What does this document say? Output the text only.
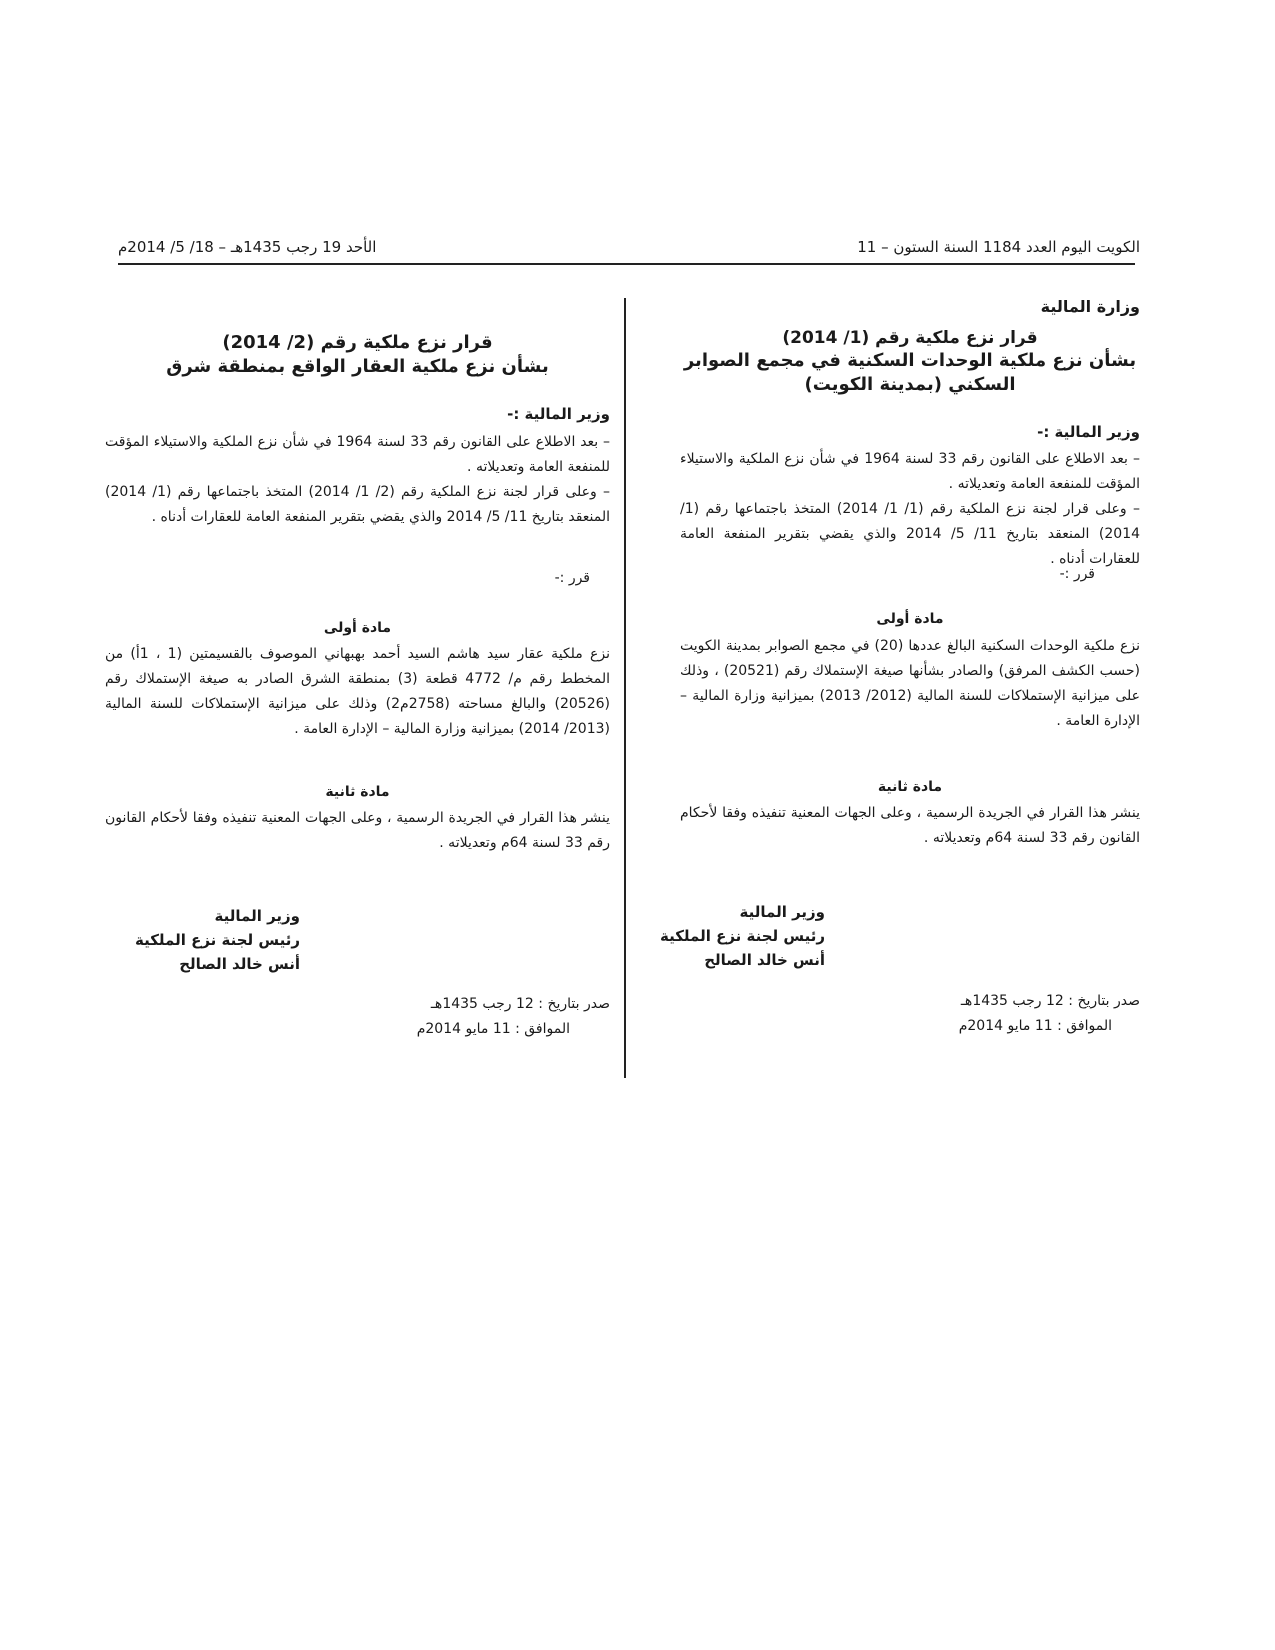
الكويت اليوم العدد 1184 السنة الستون – 11
الأحد 19 رجب 1435هـ – 18/ 5/ 2014م
وزارة المالية

قرار نزع ملكية رقم (1/ 2014)

بشأن نزع ملكية الوحدات السكنية في مجمع الصوابر السكني (بمدينة الكويت)

وزير المالية :-

– بعد الاطلاع على القانون رقم 33 لسنة 1964 في شأن نزع الملكية والاستيلاء المؤقت للمنفعة العامة وتعديلاته .

– وعلى قرار لجنة نزع الملكية رقم (1/ 1/ 2014) المتخذ باجتماعها رقم (1/ 2014) المنعقد بتاريخ 11/ 5/ 2014 والذي يقضي بتقرير المنفعة العامة للعقارات أدناه .

قرر :-

مادة أولى

نزع ملكية الوحدات السكنية البالغ عددها (20) في مجمع الصوابر بمدينة الكويت (حسب الكشف المرفق) والصادر بشأنها صيغة الإستملاك رقم (20521) ، وذلك على ميزانية الإستملاكات للسنة المالية (2012/ 2013) بميزانية وزارة المالية – الإدارة العامة .

مادة ثانية

ينشر هذا القرار في الجريدة الرسمية ، وعلى الجهات المعنية تنفيذه وفقا لأحكام القانون رقم 33 لسنة 64م وتعديلاته .

وزير المالية

رئيس لجنة نزع الملكية

أنس خالد الصالح

صدر بتاريخ : 12 رجب 1435هـ

الموافق : 11 مايو 2014م

قرار نزع ملكية رقم (2/ 2014)

بشأن نزع ملكية العقار الواقع بمنطقة شرق

وزير المالية :-

– بعد الاطلاع على القانون رقم 33 لسنة 1964 في شأن نزع الملكية والاستيلاء المؤقت للمنفعة العامة وتعديلاته .

– وعلى قرار لجنة نزع الملكية رقم (2/ 1/ 2014) المتخذ باجتماعها رقم (1/ 2014) المنعقد بتاريخ 11/ 5/ 2014 والذي يقضي بتقرير المنفعة العامة للعقارات أدناه .

قرر :-

مادة أولى

نزع ملكية عقار سيد هاشم السيد أحمد بهبهاني الموصوف بالقسيمتين (1 ، 1أ) من المخطط رقم م/ 4772 قطعة (3) بمنطقة الشرق الصادر به صيغة الإستملاك رقم (20526) والبالغ مساحته (2758م2) وذلك على ميزانية الإستملاكات للسنة المالية (2013/ 2014) بميزانية وزارة المالية – الإدارة العامة .

مادة ثانية

ينشر هذا القرار في الجريدة الرسمية ، وعلى الجهات المعنية تنفيذه وفقا لأحكام القانون رقم 33 لسنة 64م وتعديلاته .

وزير المالية

رئيس لجنة نزع الملكية

أنس خالد الصالح

صدر بتاريخ : 12 رجب 1435هـ

الموافق : 11 مايو 2014م
